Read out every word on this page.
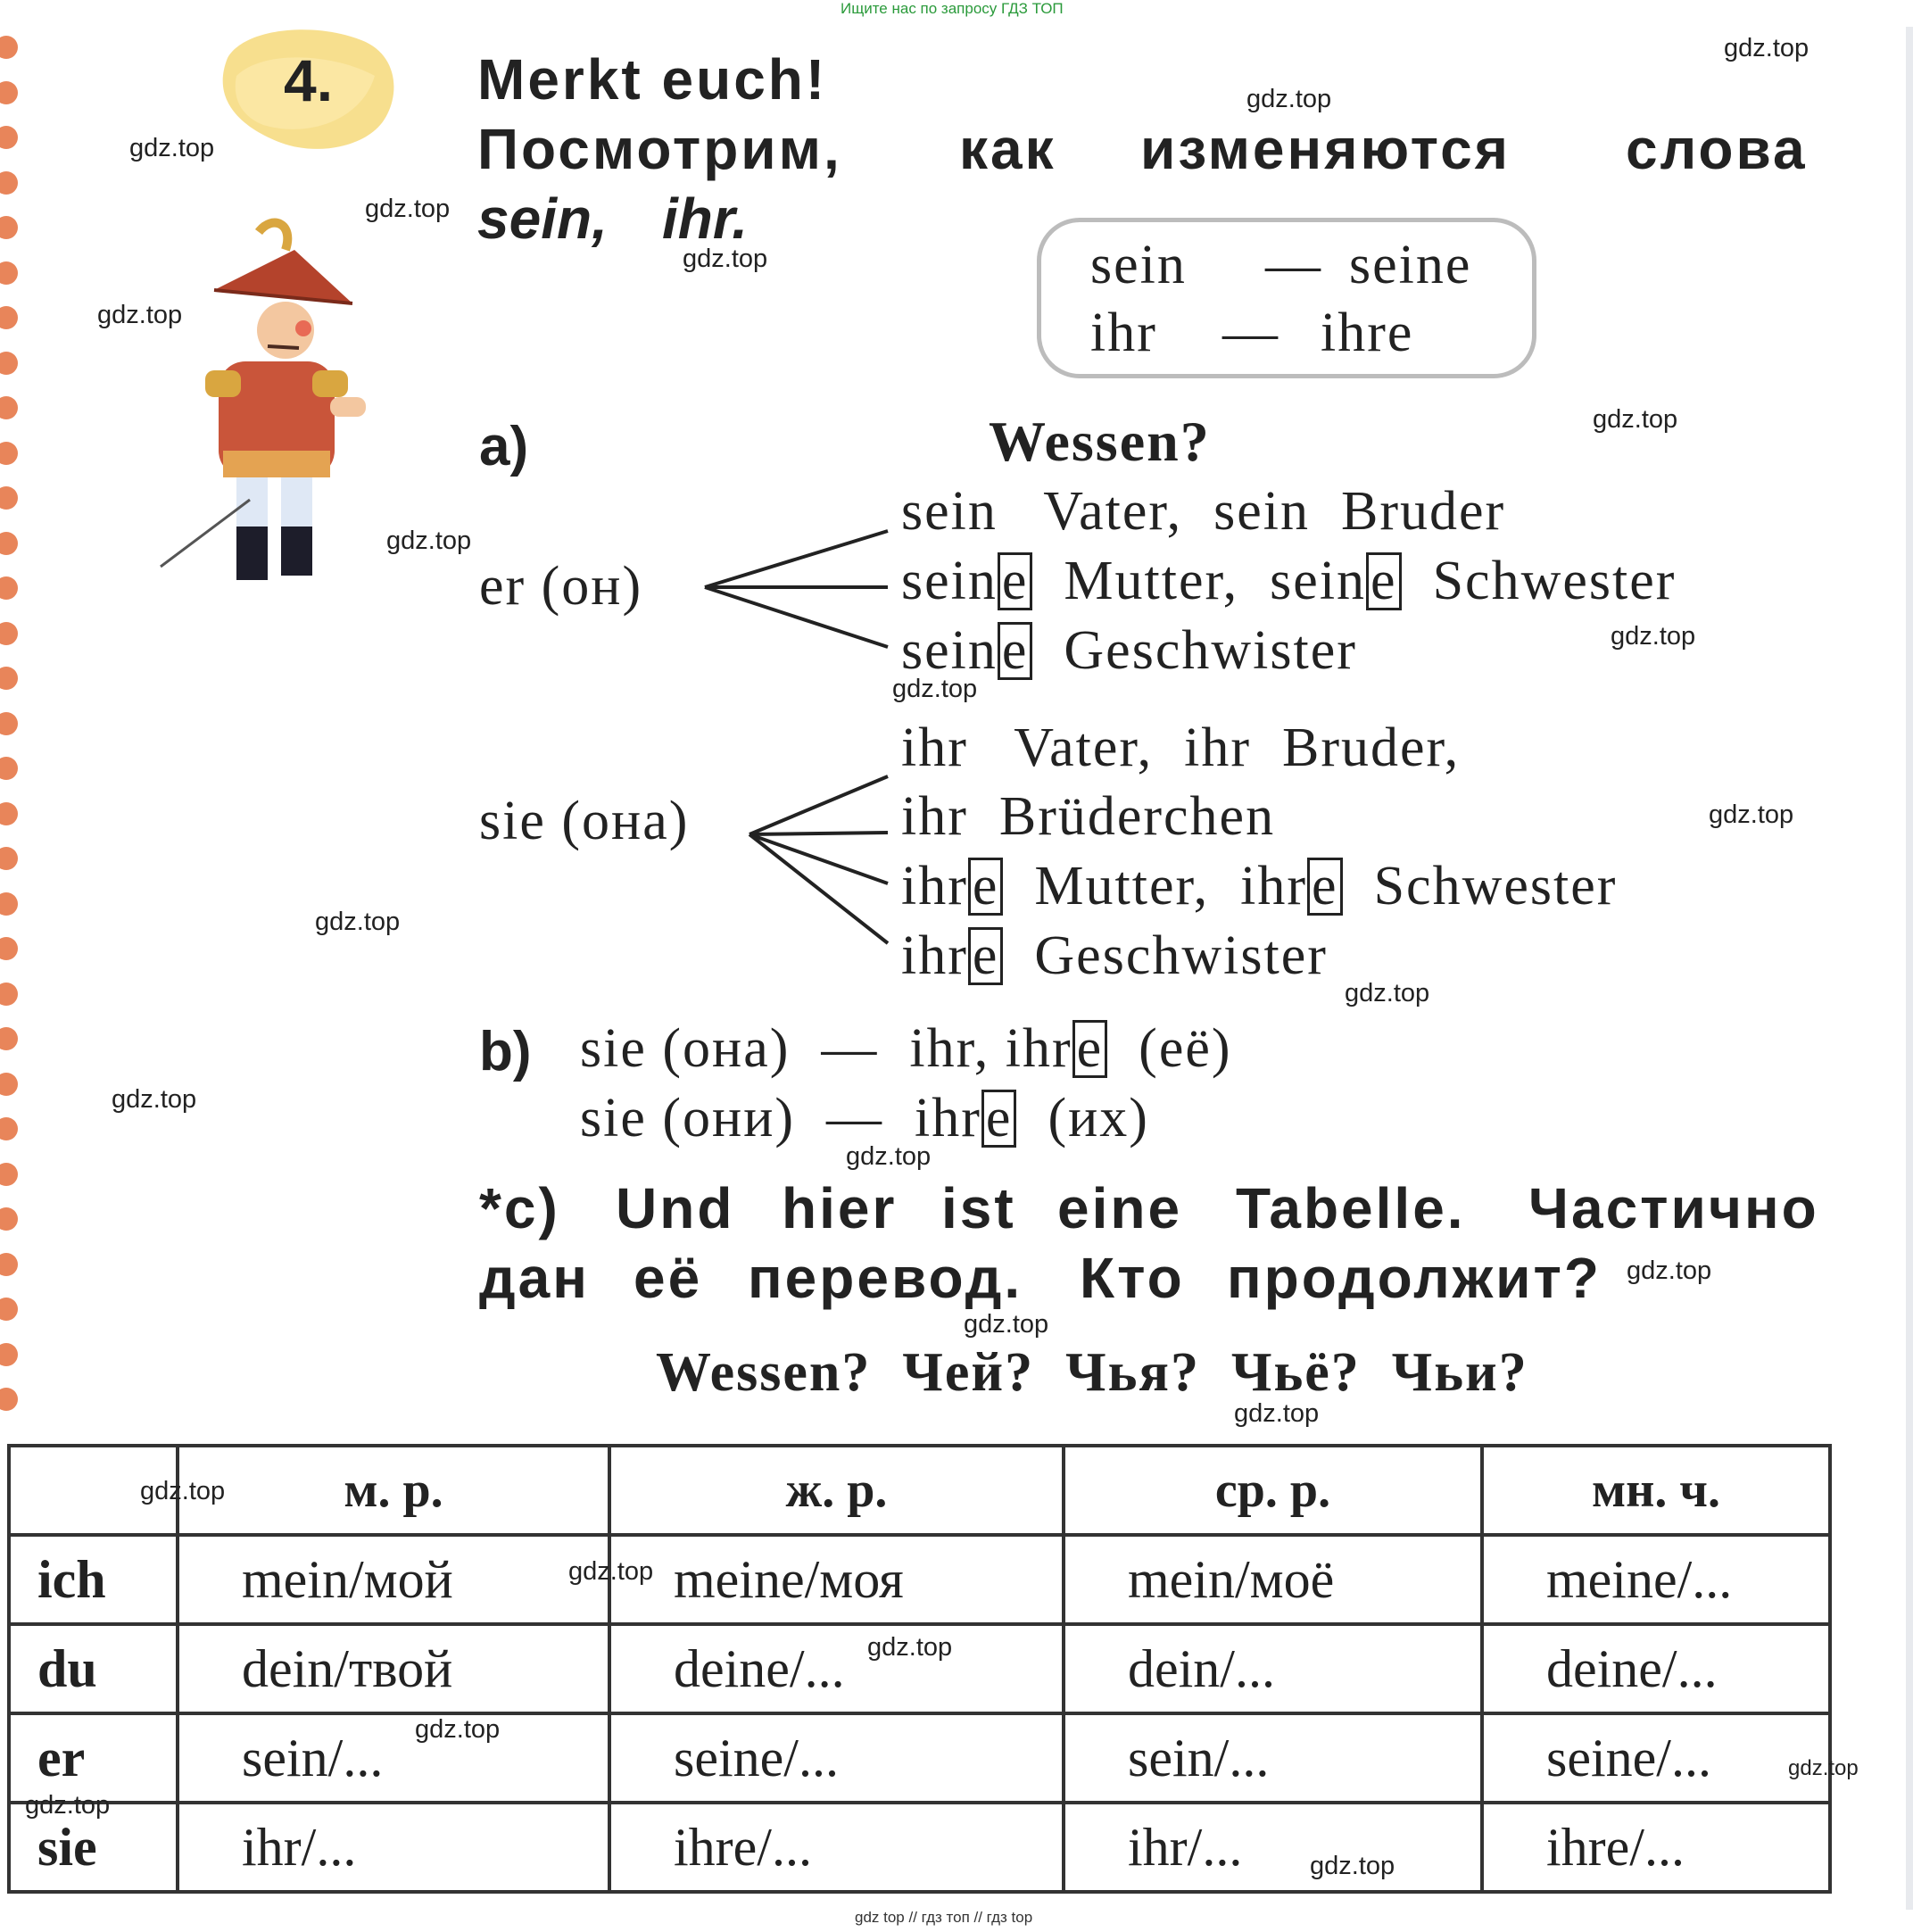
Ищите нас по запросу ГДЗ ТОП
gdz top // гдз топ // гдз top
4.	Merkt euch!
Посмотрим, как изменяются слова
sein, ihr.
sein — seine
ihr — ihre
a)	Wessen?
er (он)
sein Vater, sein Bruder
seine Mutter, seine Schwester
seine Geschwister
sie (она)
ihr Vater, ihr Bruder,
ihr Brüderchen
ihre Mutter, ihre Schwester
ihre Geschwister
b) sie (она) — ihr, ihre (её)
sie (они) — ihre (их)
*c) Und hier ist eine Tabelle. Частично
дан её перевод. Кто продолжит?
Wessen? Чей? Чья? Чьё? Чьи?
	м. р.	ж. р.	ср. р.	мн. ч.
ich	mein/мой	meine/моя	mein/моё	meine/...
du	dein/твой	deine/...	dein/...	deine/...
er	sein/...	seine/...	sein/...	seine/...
sie	ihr/...	ihre/...	ihr/...	ihre/...
gdz.top
gdz.top
gdz.top
gdz.top
gdz.top
gdz.top
gdz.top
gdz.top
gdz.top
gdz.top
gdz.top
gdz.top
gdz.top
gdz.top
gdz.top
gdz.top
gdz.top
gdz.top
gdz.top
gdz.top
gdz.top
gdz.top
gdz.top
gdz.top
gdz.top
